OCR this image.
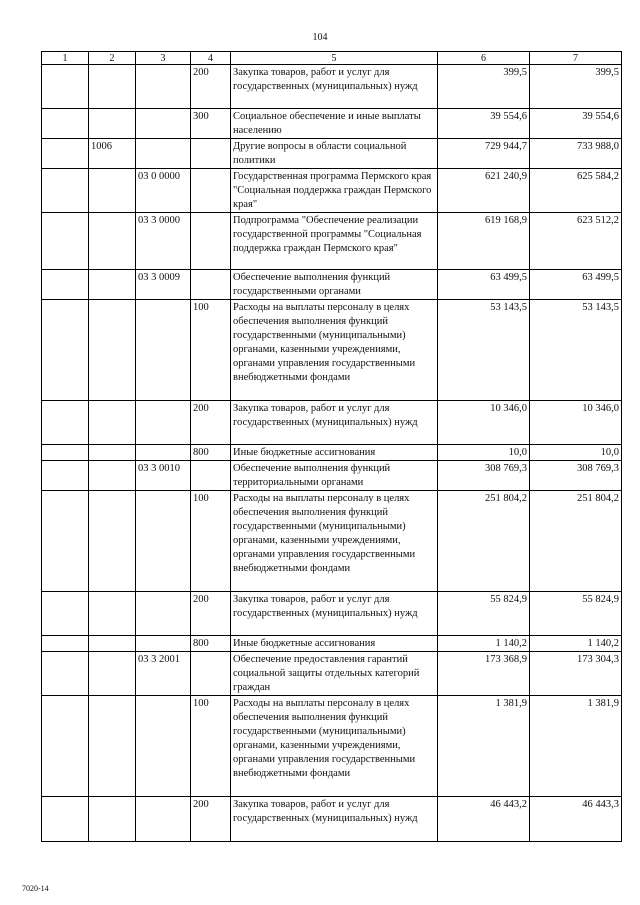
104
1	2	3	4	5	6	7
			200	Закупка товаров, работ и услуг для государственных (муниципальных) нужд	399,5	399,5
			300	Социальное обеспечение и иные выплаты населению	39 554,6	39 554,6
	1006			Другие вопросы в области социальной политики	729 944,7	733 988,0
		03 0 0000		Государственная программа Пермского края "Социальная поддержка граждан Пермского края"	621 240,9	625 584,2
		03 3 0000		Подпрограмма "Обеспечение реализации государственной программы "Социальная поддержка граждан Пермского края"	619 168,9	623 512,2
		03 3 0009		Обеспечение выполнения функций государственными органами	63 499,5	63 499,5
			100	Расходы на выплаты персоналу в целях обеспечения выполнения функций государственными (муниципальными) органами, казенными учреждениями, органами управления государственными внебюджетными фондами	53 143,5	53 143,5
			200	Закупка товаров, работ и услуг для государственных (муниципальных) нужд	10 346,0	10 346,0
			800	Иные бюджетные ассигнования	10,0	10,0
		03 3 0010		Обеспечение выполнения функций территориальными органами	308 769,3	308 769,3
			100	Расходы на выплаты персоналу в целях обеспечения выполнения функций государственными (муниципальными) органами, казенными учреждениями, органами управления государственными внебюджетными фондами	251 804,2	251 804,2
			200	Закупка товаров, работ и услуг для государственных (муниципальных) нужд	55 824,9	55 824,9
			800	Иные бюджетные ассигнования	1 140,2	1 140,2
		03 3 2001		Обеспечение предоставления гарантий социальной защиты отдельных категорий граждан	173 368,9	173 304,3
			100	Расходы на выплаты персоналу в целях обеспечения выполнения функций государственными (муниципальными) органами, казенными учреждениями, органами управления государственными внебюджетными фондами	1 381,9	1 381,9
			200	Закупка товаров, работ и услуг для государственных (муниципальных) нужд	46 443,2	46 443,3
7020-14
